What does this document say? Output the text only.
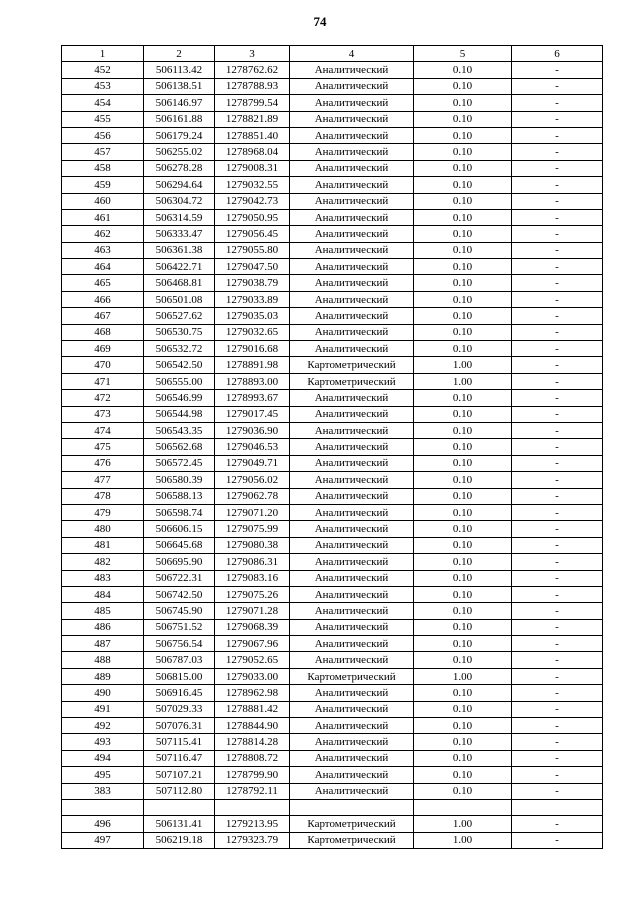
74
1	2	3	4	5	6
452	506113.42	1278762.62	Аналитический	0.10	-
453	506138.51	1278788.93	Аналитический	0.10	-
454	506146.97	1278799.54	Аналитический	0.10	-
455	506161.88	1278821.89	Аналитический	0.10	-
456	506179.24	1278851.40	Аналитический	0.10	-
457	506255.02	1278968.04	Аналитический	0.10	-
458	506278.28	1279008.31	Аналитический	0.10	-
459	506294.64	1279032.55	Аналитический	0.10	-
460	506304.72	1279042.73	Аналитический	0.10	-
461	506314.59	1279050.95	Аналитический	0.10	-
462	506333.47	1279056.45	Аналитический	0.10	-
463	506361.38	1279055.80	Аналитический	0.10	-
464	506422.71	1279047.50	Аналитический	0.10	-
465	506468.81	1279038.79	Аналитический	0.10	-
466	506501.08	1279033.89	Аналитический	0.10	-
467	506527.62	1279035.03	Аналитический	0.10	-
468	506530.75	1279032.65	Аналитический	0.10	-
469	506532.72	1279016.68	Аналитический	0.10	-
470	506542.50	1278891.98	Картометрический	1.00	-
471	506555.00	1278893.00	Картометрический	1.00	-
472	506546.99	1278993.67	Аналитический	0.10	-
473	506544.98	1279017.45	Аналитический	0.10	-
474	506543.35	1279036.90	Аналитический	0.10	-
475	506562.68	1279046.53	Аналитический	0.10	-
476	506572.45	1279049.71	Аналитический	0.10	-
477	506580.39	1279056.02	Аналитический	0.10	-
478	506588.13	1279062.78	Аналитический	0.10	-
479	506598.74	1279071.20	Аналитический	0.10	-
480	506606.15	1279075.99	Аналитический	0.10	-
481	506645.68	1279080.38	Аналитический	0.10	-
482	506695.90	1279086.31	Аналитический	0.10	-
483	506722.31	1279083.16	Аналитический	0.10	-
484	506742.50	1279075.26	Аналитический	0.10	-
485	506745.90	1279071.28	Аналитический	0.10	-
486	506751.52	1279068.39	Аналитический	0.10	-
487	506756.54	1279067.96	Аналитический	0.10	-
488	506787.03	1279052.65	Аналитический	0.10	-
489	506815.00	1279033.00	Картометрический	1.00	-
490	506916.45	1278962.98	Аналитический	0.10	-
491	507029.33	1278881.42	Аналитический	0.10	-
492	507076.31	1278844.90	Аналитический	0.10	-
493	507115.41	1278814.28	Аналитический	0.10	-
494	507116.47	1278808.72	Аналитический	0.10	-
495	507107.21	1278799.90	Аналитический	0.10	-
383	507112.80	1278792.11	Аналитический	0.10	-

496	506131.41	1279213.95	Картометрический	1.00	-
497	506219.18	1279323.79	Картометрический	1.00	-
